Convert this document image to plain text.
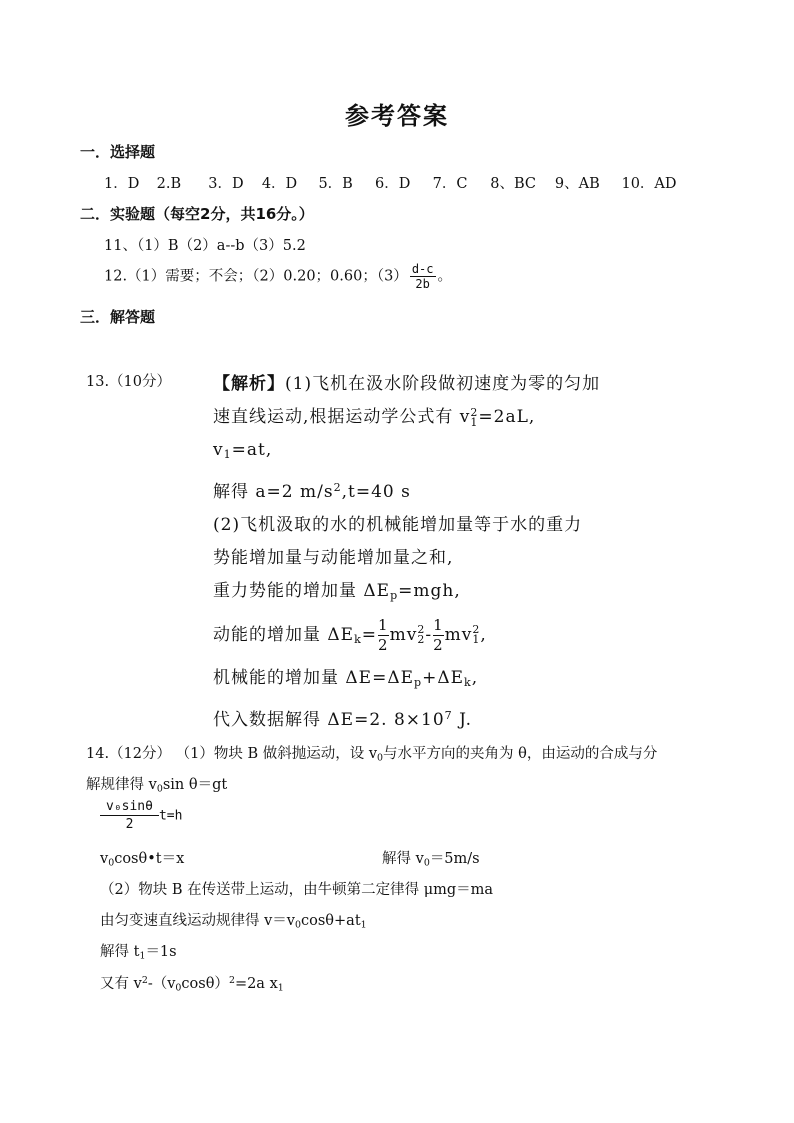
参考答案
一．选择题
1．D 2.B 3．D 4．D 5．B 6．D 7．C 8、BC 9、AB 10．AD
二．实验题（每空2分，共16分。）
11、（1）B（2）a--b（3）5.2
12.（1）需要；不会；（2）0.20；0.60；$(3) \frac{d-c}{2b}$ 。
三．解答题
13.（10分） 【解析】(1)飞机在汲水阶段做初速度为零的匀加
速直线运动,根据运动学公式有 v 2
1 =2aL,
$v_1=at$,
解得 a=2 $m/s^2,t=40$ s
(2)飞机汲取的水的机械能增加量等于水的重力
势能增加量与动能增加量之和,
重力势能的增加量 $\Delta E_p=mgh$,
动能的增加量 $\Delta E_k= \frac{1}{2}$ mv 2
$2 - \frac{1}{2}$ mv 2
1 ,
机械能的增加量 $\Delta E=\Delta E_p+\Delta E_k$,
代入数据解得 ΔE=2. $8\times 10^7$ J.
14.（12分） （1）物块 B 做斜抛运动，设 $v_0$与水平方向的夹角为 θ，由运动的合成与分
解规律得 $v_0\sin$ θ＝gt
$\frac{\text{v₀sinθ}}{2} t=h$
$v_0\cos\theta•t=x$	解得 $v_0=5m/s$
（2）物块 B 在传送带上运动，由牛顿第二定律得 μmg＝ma
由匀变速直线运动规律得 $v=v_0\cos\theta+at_1$
解得 $t_1=1s$
又有 $v^2-(v_0\cos\theta)^2=2a$ $x_1$
